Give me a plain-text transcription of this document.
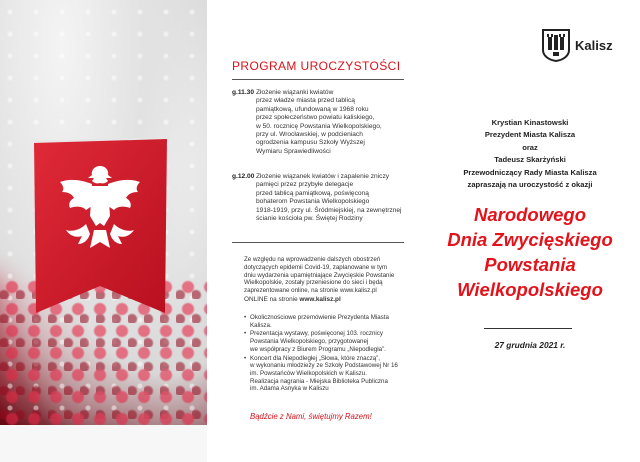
PROGRAM UROCZYSTOŚCI
g.11.30 Złożenie wiązanki kwiatów
przez władze miasta przed tablicą
pamiątkową, ufundowaną w 1968 roku
przez społeczeństwo powiatu kaliskiego,
w 50. rocznicę Powstania Wielkopolskiego,
przy ul. Wrocławskiej, w podcieniach
ogrodzenia kampusu Szkoły Wyższej
Wymiaru Sprawiedliwości
g.12.00 Złożenie wiązanek kwiatów i zapalenie zniczy
pamięci przez przybyłe delegacje
przed tablicą pamiątkową, poświęconą
bohaterom Powstania Wielkopolskiego
1918-1919, przy ul. Śródmiejskiej, na zewnętrznej
ścianie kościoła pw. Świętej Rodziny
Ze względu na wprowadzenie dalszych obostrzeń
dotyczących epidemii Covid-19, zaplanowane w tym
dniu wydarzenia upamiętniające Zwycięskie Powstanie
Wielkopolskie, zostały przeniesione do sieci i będą
zaprezentowane online, na stronie www.kalisz.pl
ONLINE na stronie www.kalisz.pl
• Okolicznościowe przemówienie Prezydenta Miasta
Kalisza.
• Prezentacja wystawy, poświęconej 103. rocznicy
Powstania Wielkopolskiego, przygotowanej
we współpracy z Biurem Programu „Niepodległa”.
• Koncert dla Niepodległej „Słowa, które znaczą”,
w wykonaniu młodzieży ze Szkoły Podstawowej Nr 16
im. Powstańców Wielkopolskich w Kaliszu.
Realizacja nagrania - Miejska Biblioteka Publiczna
im. Adama Asnyka w Kaliszu
Bądźcie z Nami, świętujmy Razem!
Kalisz
Krystian Kinastowski
Prezydent Miasta Kalisza
oraz
Tadeusz Skarżyński
Przewodniczący Rady Miasta Kalisza
zapraszają na uroczystość z okazji
Narodowego
Dnia Zwycięskiego
Powstania
Wielkopolskiego
27 grudnia 2021 r.
